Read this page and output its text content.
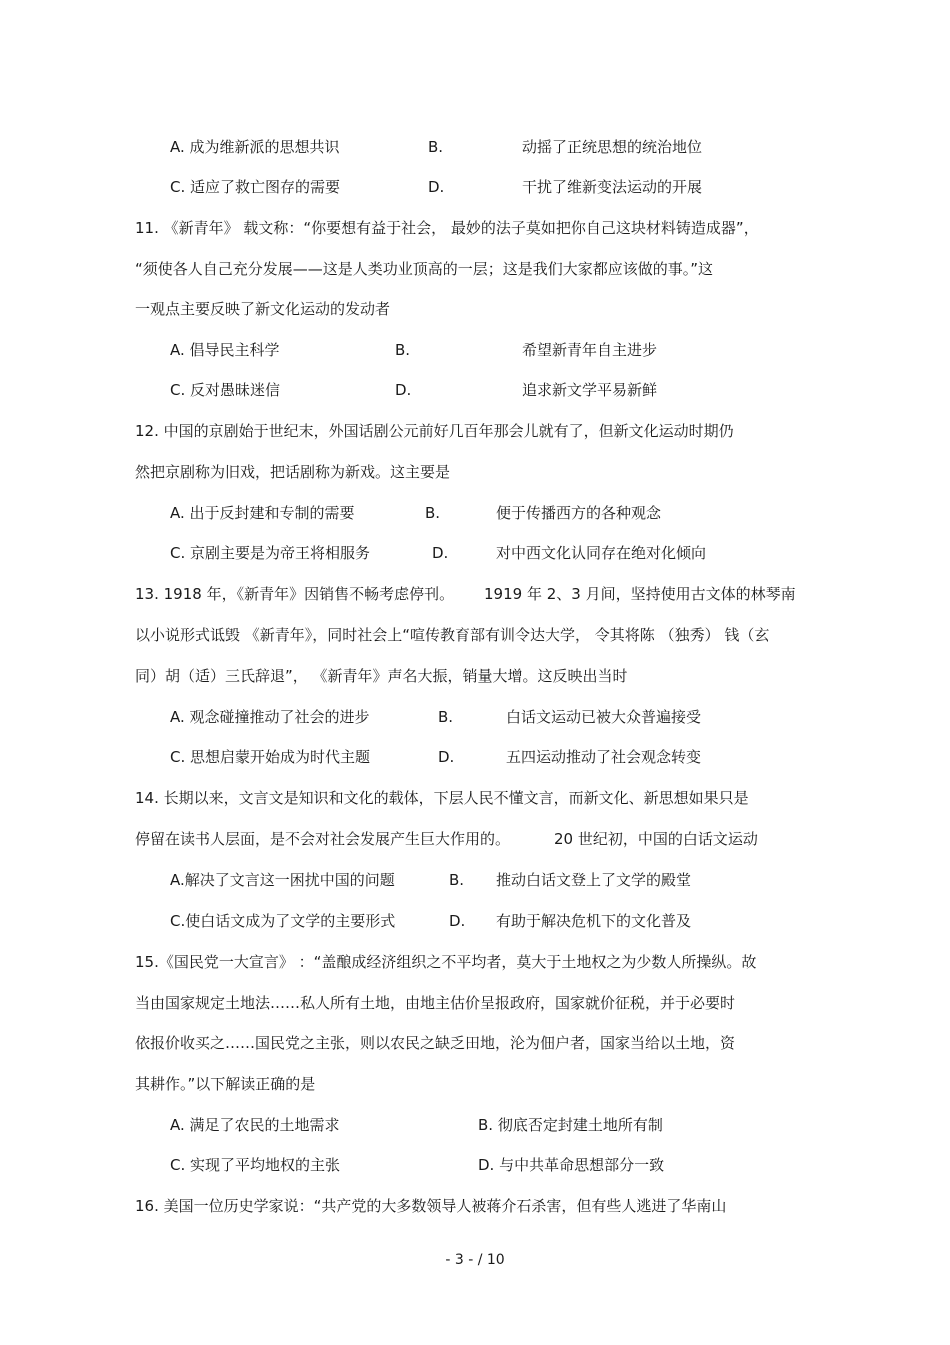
A. 成为维新派的思想共识	B.	动摇了正统思想的统治地位
C. 适应了救亡图存的需要	D.	干扰了维新变法运动的开展
11. 《新青年》 载文称：“你要想有益于社会， 最妙的法子莫如把你自己这块材料铸造成器”，
“须使各人自己充分发展——这是人类功业顶高的一层；这是我们大家都应该做的事。”这
一观点主要反映了新文化运动的发动者
A. 倡导民主科学	B.	希望新青年自主进步
C. 反对愚昧迷信	D.	追求新文学平易新鲜
12. 中国的京剧始于世纪末，外国话剧公元前好几百年那会儿就有了，但新文化运动时期仍
然把京剧称为旧戏，把话剧称为新戏。这主要是
A. 出于反封建和专制的需要	B.	便于传播西方的各种观念
C. 京剧主要是为帝王将相服务	D.	对中西文化认同存在绝对化倾向
13. 1918 年，《新青年》因销售不畅考虑停刊。 1919 年 2、3 月间，坚持使用古文体的林琴南
以小说形式诋毁 《新青年》，同时社会上“喧传教育部有训令达大学， 令其将陈 （独秀） 钱（玄
同）胡（适）三氏辞退”， 《新青年》声名大振，销量大增。这反映出当时
A. 观念碰撞推动了社会的进步	B.	白话文运动已被大众普遍接受
C. 思想启蒙开始成为时代主题	D.	五四运动推动了社会观念转变
14. 长期以来，文言文是知识和文化的载体，下层人民不懂文言，而新文化、新思想如果只是
停留在读书人层面，是不会对社会发展产生巨大作用的。	20 世纪初，中国的白话文运动
A.解决了文言这一困扰中国的问题	B. 推动白话文登上了文学的殿堂
C.使白话文成为了文学的主要形式	D. 有助于解决危机下的文化普及
15.《国民党一大宣言》 ：“盖酿成经济组织之不平均者，莫大于土地权之为少数人所操纵。故
当由国家规定土地法……私人所有土地，由地主估价呈报政府，国家就价征税，并于必要时
依报价收买之……国民党之主张，则以农民之缺乏田地，沦为佃户者，国家当给以土地，资
其耕作。”以下解读正确的是
A. 满足了农民的土地需求	B. 彻底否定封建土地所有制
C. 实现了平均地权的主张	D. 与中共革命思想部分一致
16. 美国一位历史学家说：“共产党的大多数领导人被蒋介石杀害，但有些人逃进了华南山
- 3 - / 10
